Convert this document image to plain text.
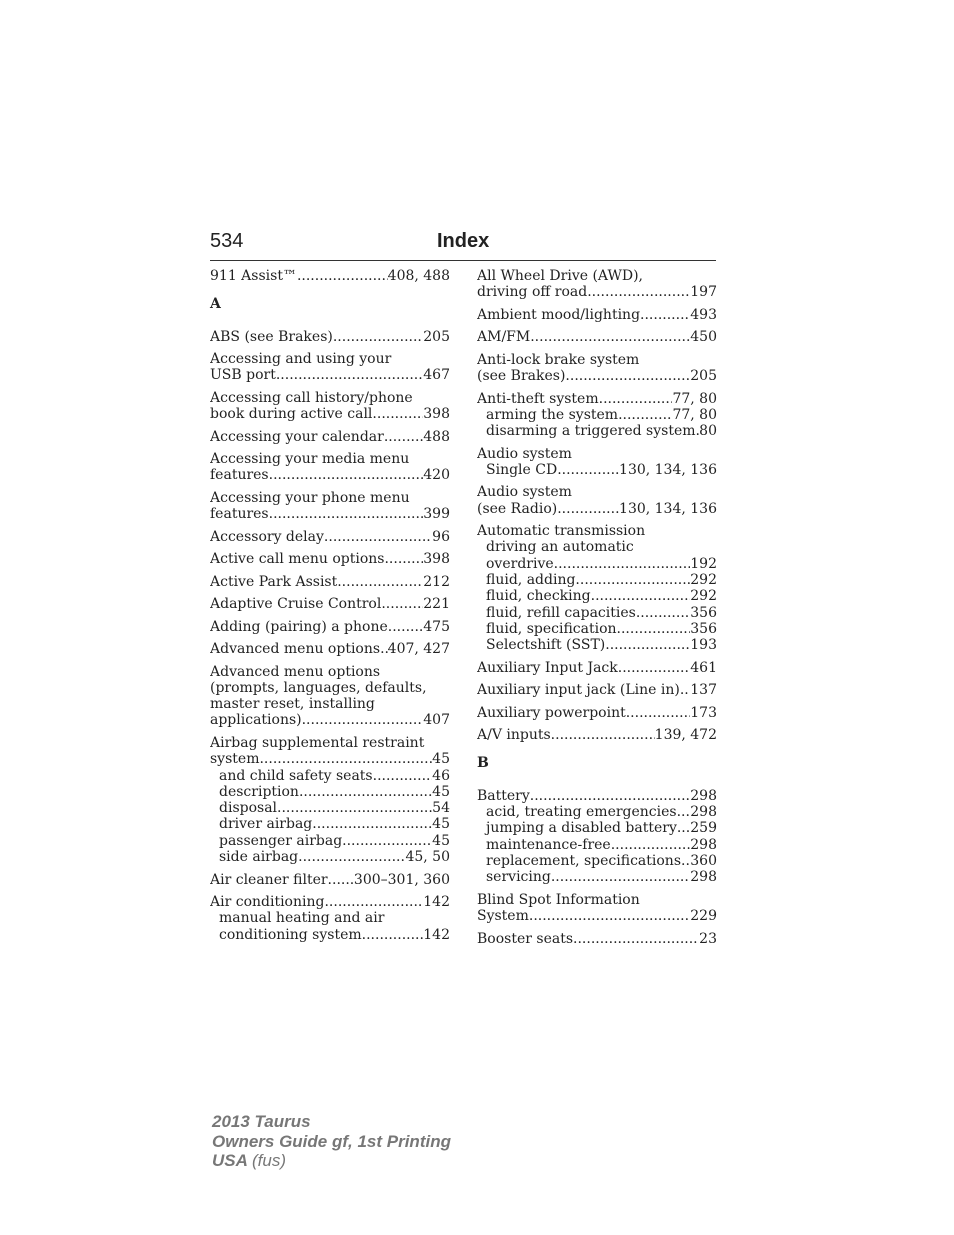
534	Index
911 Assist™ .....	408, 488
A
ABS (see Brakes) .....	205
Accessing and using your
USB port .....	467
Accessing call history/phone
book during active call .....	398
Accessing your calendar .....	488
Accessing your media menu
features .....	420
Accessing your phone menu
features .....	399
Accessory delay .....	96
Active call menu options .....	398
Active Park Assist .....	212
Adaptive Cruise Control .....	221
Adding (pairing) a phone .....	475
Advanced menu options ..... 407, 427
Advanced menu options
(prompts, languages, defaults,
master reset, installing
applications) .....	407
Airbag supplemental restraint
system .....	45
and child safety seats .....	46
description .....	45
disposal .....	54
driver airbag .....	45
passenger airbag .....	45
side airbag .....	45, 50
Air cleaner filter ..... 300–301, 360
Air conditioning .....	142
manual heating and air
conditioning system .....	142
All Wheel Drive (AWD),
driving off road .....	197
Ambient mood/lighting .....	493
AM/FM .....	450
Anti-lock brake system
(see Brakes) .....	205
Anti-theft system .....	77, 80
arming the system .....	77, 80
disarming a triggered system ..... 80
Audio system
Single CD .....	130, 134, 136
Audio system
(see Radio) .....	130, 134, 136
Automatic transmission
driving an automatic
overdrive .....	192
fluid, adding .....	292
fluid, checking .....	292
fluid, refill capacities .....	356
fluid, specification .....	356
Selectshift (SST) .....	193
Auxiliary Input Jack .....	461
Auxiliary input jack (Line in) ..... 137
Auxiliary powerpoint .....	173
A/V inputs .....	139, 472
B
Battery .....	298
acid, treating emergencies ..... 298
jumping a disabled battery ..... 259
maintenance-free .....	298
replacement, specifications ..... 360
servicing .....	298
Blind Spot Information
System .....	229
Booster seats .....	23
2013 Taurus
Owners Guide gf, 1st Printing
USA (fus)
